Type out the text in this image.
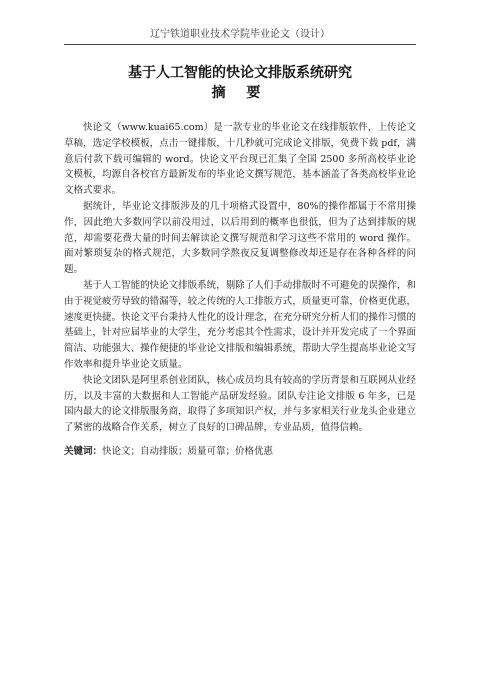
辽宁铁道职业技术学院毕业论文（设计）
基于人工智能的快论文排版系统研究
摘 要

快论文（www.kuai65.com）是一款专业的毕业论文在线排版软件，上传论文草稿，选定学校模板，点击一键排版，十几秒就可完成论文排版，免费下载 pdf，满意后付款下载可编辑的 word。快论文平台现已汇集了全国 2500 多所高校毕业论文模板，均源自各校官方最新发布的毕业论文撰写规范，基本涵盖了各类高校毕业论文格式要求。

据统计，毕业论文排版涉及的几十项格式设置中，80%的操作都属于不常用操作，因此绝大多数同学以前没用过，以后用到的概率也很低，但为了达到排版的规范，却需要花费大量的时间去解读论文撰写规范和学习这些不常用的 word 操作。面对繁琐复杂的格式规范，大多数同学熬夜反复调整修改却还是存在各种各样的问题。

基于人工智能的快论文排版系统，剔除了人们手动排版时不可避免的误操作，和由于视觉疲劳导致的错漏等，较之传统的人工排版方式，质量更可靠，价格更优惠，速度更快捷。快论文平台秉持人性化的设计理念，在充分研究分析人们的操作习惯的基础上，针对应届毕业的大学生，充分考虑其个性需求，设计并开发完成了一个界面简洁、功能强大、操作便捷的毕业论文排版和编辑系统，帮助大学生提高毕业论文写作效率和提升毕业论文质量。

快论文团队是阿里系创业团队，核心成员均具有较高的学历背景和互联网从业经历，以及丰富的大数据和人工智能产品研发经验。团队专注论文排版 6 年多，已是国内最大的论文排版服务商，取得了多项知识产权，并与多家相关行业龙头企业建立了紧密的战略合作关系，树立了良好的口碑品牌，专业品质，值得信赖。

关键词：快论文；自动排版；质量可靠；价格优惠
